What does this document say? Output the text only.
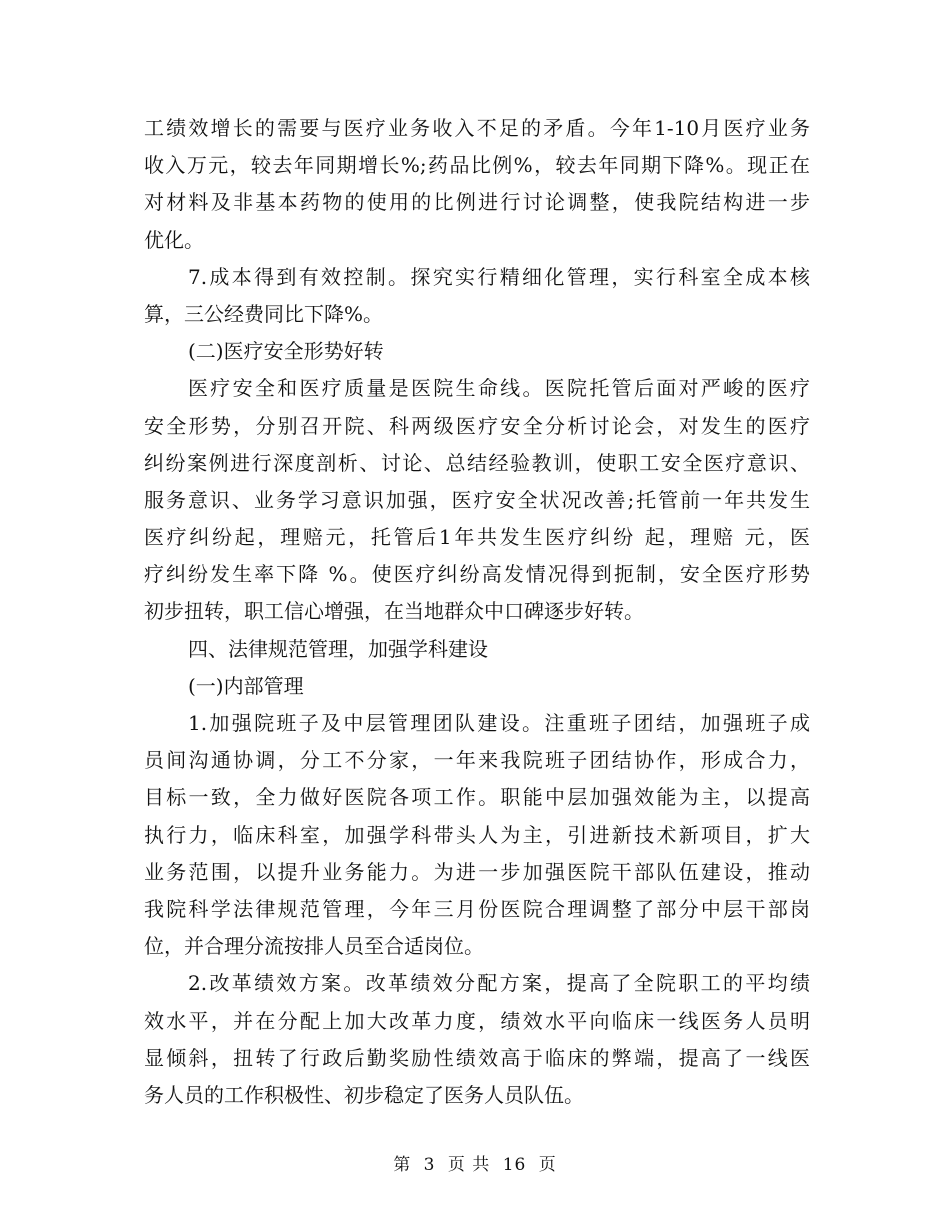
工绩效增长的需要与医疗业务收入不足的矛盾。今年1-10月医疗业务
收入万元，较去年同期增长%;药品比例%，较去年同期下降%。现正在
对材料及非基本药物的使用的比例进行讨论调整，使我院结构进一步
优化。
7.成本得到有效控制。探究实行精细化管理，实行科室全成本核
算，三公经费同比下降%。
(二)医疗安全形势好转
医疗安全和医疗质量是医院生命线。医院托管后面对严峻的医疗
安全形势，分别召开院、科两级医疗安全分析讨论会，对发生的医疗
纠纷案例进行深度剖析、讨论、总结经验教训，使职工安全医疗意识、
服务意识、业务学习意识加强，医疗安全状况改善;托管前一年共发生
医疗纠纷起，理赔元，托管后1年共发生医疗纠纷 起，理赔 元，医
疗纠纷发生率下降 %。使医疗纠纷高发情况得到扼制，安全医疗形势
初步扭转，职工信心增强，在当地群众中口碑逐步好转。
四、法律规范管理，加强学科建设
(一)内部管理
1.加强院班子及中层管理团队建设。注重班子团结，加强班子成
员间沟通协调，分工不分家，一年来我院班子团结协作，形成合力，
目标一致，全力做好医院各项工作。职能中层加强效能为主，以提高
执行力，临床科室，加强学科带头人为主，引进新技术新项目，扩大
业务范围，以提升业务能力。为进一步加强医院干部队伍建设，推动
我院科学法律规范管理，今年三月份医院合理调整了部分中层干部岗
位，并合理分流按排人员至合适岗位。
2.改革绩效方案。改革绩效分配方案，提高了全院职工的平均绩
效水平，并在分配上加大改革力度，绩效水平向临床一线医务人员明
显倾斜，扭转了行政后勤奖励性绩效高于临床的弊端，提高了一线医
务人员的工作积极性、初步稳定了医务人员队伍。
第 3 页 共 16 页
